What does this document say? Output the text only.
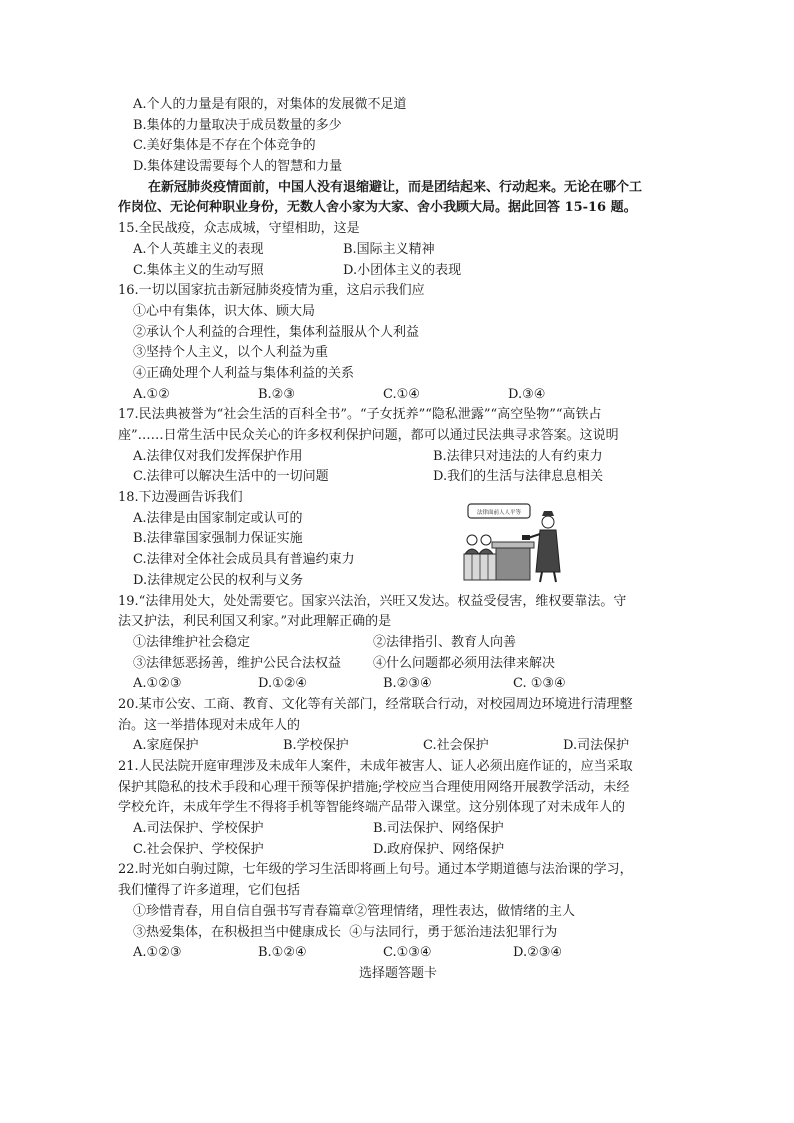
A.个人的力量是有限的，对集体的发展微不足道
B.集体的力量取决于成员数量的多少
C.美好集体是不存在个体竞争的
D.集体建设需要每个人的智慧和力量
在新冠肺炎疫情面前，中国人没有退缩避让，而是团结起来、行动起来。无论在哪个工
作岗位、无论何种职业身份，无数人舍小家为大家、舍小我顾大局。据此回答 15-16 题。
15.全民战疫，众志成城，守望相助，这是
A.个人英雄主义的表现	B.国际主义精神
C.集体主义的生动写照	D.小团体主义的表现
16.一切以国家抗击新冠肺炎疫情为重，这启示我们应
①心中有集体，识大体、顾大局
②承认个人利益的合理性，集体利益服从个人利益
③坚持个人主义，以个人利益为重
④正确处理个人利益与集体利益的关系
A.①②	B.②③	C.①④	D.③④
17.民法典被誉为“社会生活的百科全书”。“子女抚养”“隐私泄露”“高空坠物”“高铁占
座”……日常生活中民众关心的许多权利保护问题，都可以通过民法典寻求答案。这说明
A.法律仅对我们发挥保护作用	B.法律只对违法的人有约束力
C.法律可以解决生活中的一切问题	D.我们的生活与法律息息相关
18.下边漫画告诉我们
A.法律是由国家制定或认可的
B.法律靠国家强制力保证实施
C.法律对全体社会成员具有普遍约束力
D.法律规定公民的权利与义务
19.“法律用处大，处处需要它。国家兴法治，兴旺又发达。权益受侵害，维权要靠法。守
法又护法，利民利国又利家。”对此理解正确的是
①法律维护社会稳定	②法律指引、教育人向善
③法律惩恶扬善，维护公民合法权益 ④什么问题都必须用法律来解决
A.①②③	D.①②④	B.②③④	C. ①③④
20.某市公安、工商、教育、文化等有关部门，经常联合行动，对校园周边环境进行清理整
治。这一举措体现对未成年人的
A.家庭保护	B.学校保护	C.社会保护	D.司法保护
21.人民法院开庭审理涉及未成年人案件，未成年被害人、证人必须出庭作证的，应当采取
保护其隐私的技术手段和心理干预等保护措施;学校应当合理使用网络开展教学活动，未经
学校允许，未成年学生不得将手机等智能终端产品带入课堂。这分别体现了对未成年人的
A.司法保护、学校保护	B.司法保护、网络保护
C.社会保护、学校保护	D.政府保护、网络保护
22.时光如白驹过隙，七年级的学习生活即将画上句号。通过本学期道德与法治课的学习，
我们懂得了许多道理，它们包括
①珍惜青春，用自信自强书写青春篇章②管理情绪，理性表达，做情绪的主人
③热爱集体，在积极担当中健康成长 ④与法同行，勇于惩治违法犯罪行为
A.①②③	B.①②④	C.①③④	D.②③④
选择题答题卡
法律面前人人平等
